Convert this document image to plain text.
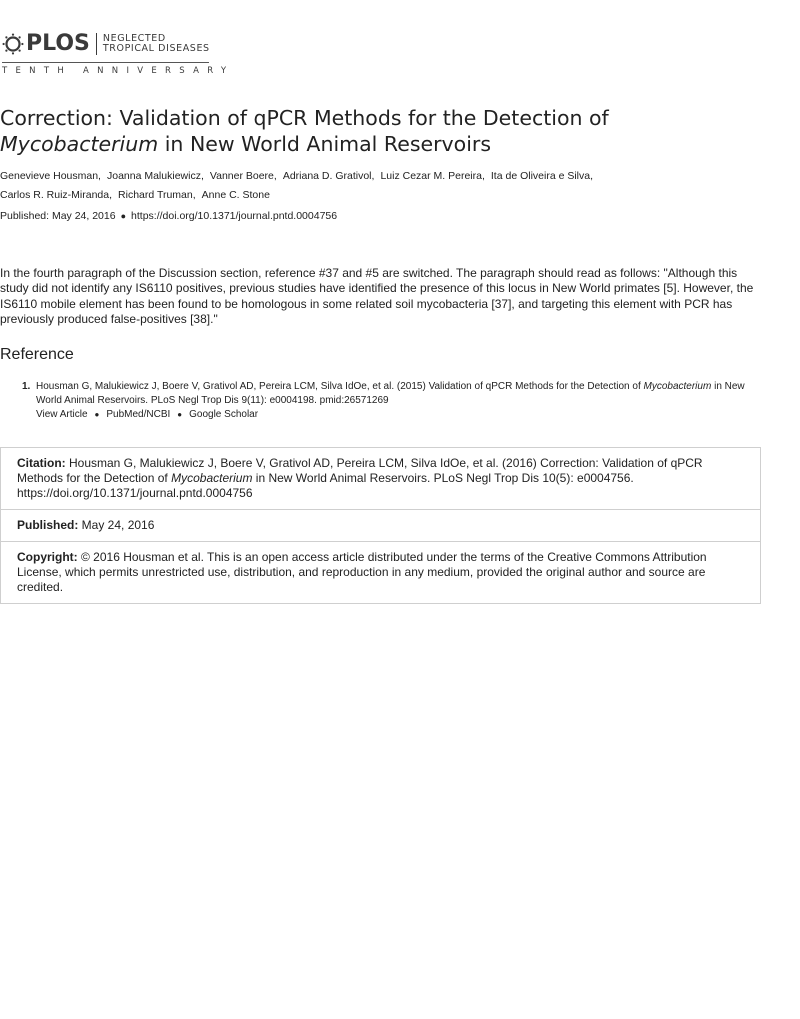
PLOS NEGLECTED
TROPICAL DISEASES
TENTH ANNIVERSARY
Correction: Validation of qPCR Methods for the Detection of
Mycobacterium in New World Animal Reservoirs
Genevieve Housman, Joanna Malukiewicz, Vanner Boere, Adriana D. Grativol, Luiz Cezar M. Pereira, Ita de Oliveira e Silva,
Carlos R. Ruiz-Miranda, Richard Truman, Anne C. Stone
Published: May 24, 2016 ● https://doi.org/10.1371/journal.pntd.0004756

In the fourth paragraph of the Discussion section, reference #37 and #5 are switched. The paragraph should read as follows: "Although this study did not identify any IS6110 positives, previous studies have identified the presence of this locus in New World primates [5]. However, the IS6110 mobile element has been found to be homologous in some related soil mycobacteria [37], and targeting this element with PCR has previously produced false-positives [38]."

Reference
1. Housman G, Malukiewicz J, Boere V, Grativol AD, Pereira LCM, Silva IdOe, et al. (2015) Validation of qPCR Methods for the Detection of Mycobacterium in New World Animal Reservoirs. PLoS Negl Trop Dis 9(11): e0004198. pmid:26571269
View Article ● PubMed/NCBI ● Google Scholar
Citation: Housman G, Malukiewicz J, Boere V, Grativol AD, Pereira LCM, Silva IdOe, et al. (2016) Correction: Validation of qPCR Methods for the Detection of Mycobacterium in New World Animal Reservoirs. PLoS Negl Trop Dis 10(5): e0004756. https://doi.org/10.1371/journal.pntd.0004756
Published: May 24, 2016
Copyright: © 2016 Housman et al. This is an open access article distributed under the terms of the Creative Commons Attribution License, which permits unrestricted use, distribution, and reproduction in any medium, provided the original author and source are credited.
